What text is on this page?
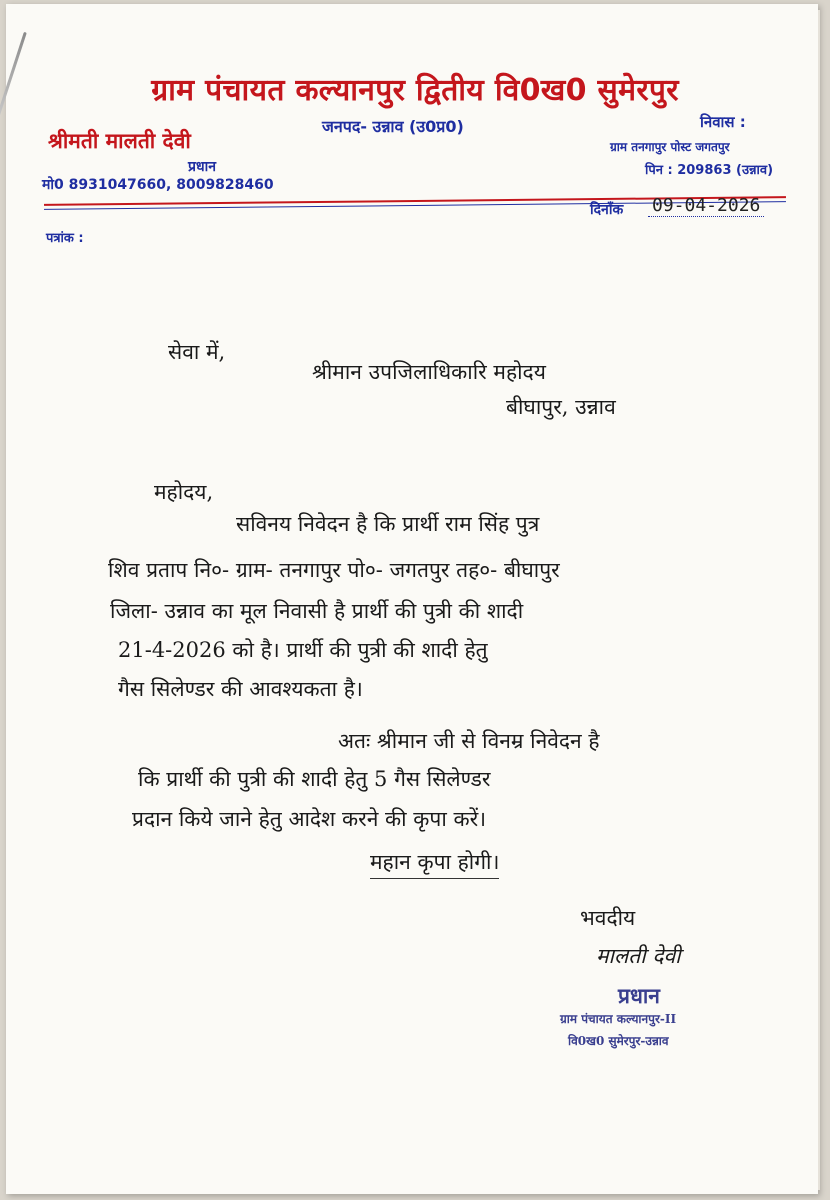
ग्राम पंचायत कल्यानपुर द्वितीय वि0ख0 सुमेरपुर
श्रीमती मालती देवी
प्रधान
मो0 8931047660, 8009828460
जनपद- उन्नाव (उ0प्र0)	निवास :
ग्राम तनगापुर पोस्ट जगतपुर
पिन : 209863 (उन्नाव)
दिनाँक 09-04-2026
पत्रांक :
सेवा में,
श्रीमान उपजिलाधिकारि महोदय
बीघापुर, उन्नाव
महोदय,
सविनय निवेदन है कि प्रार्थी राम सिंह पुत्र
शिव प्रताप नि०- ग्राम- तनगापुर पो०- जगतपुर तह०- बीघापुर
जिला- उन्नाव का मूल निवासी है प्रार्थी की पुत्री की शादी
21-4-2026 को है। प्रार्थी की पुत्री की शादी हेतु
गैस सिलेण्डर की आवश्यकता है।
अतः श्रीमान जी से विनम्र निवेदन है
कि प्रार्थी की पुत्री की शादी हेतु 5 गैस सिलेण्डर
प्रदान किये जाने हेतु आदेश करने की कृपा करें।
महान कृपा होगी।
भवदीय
मालती देवी
प्रधान
ग्राम पंचायत कल्यानपुर-II
वि0ख0 सुमेरपुर-उन्नाव
